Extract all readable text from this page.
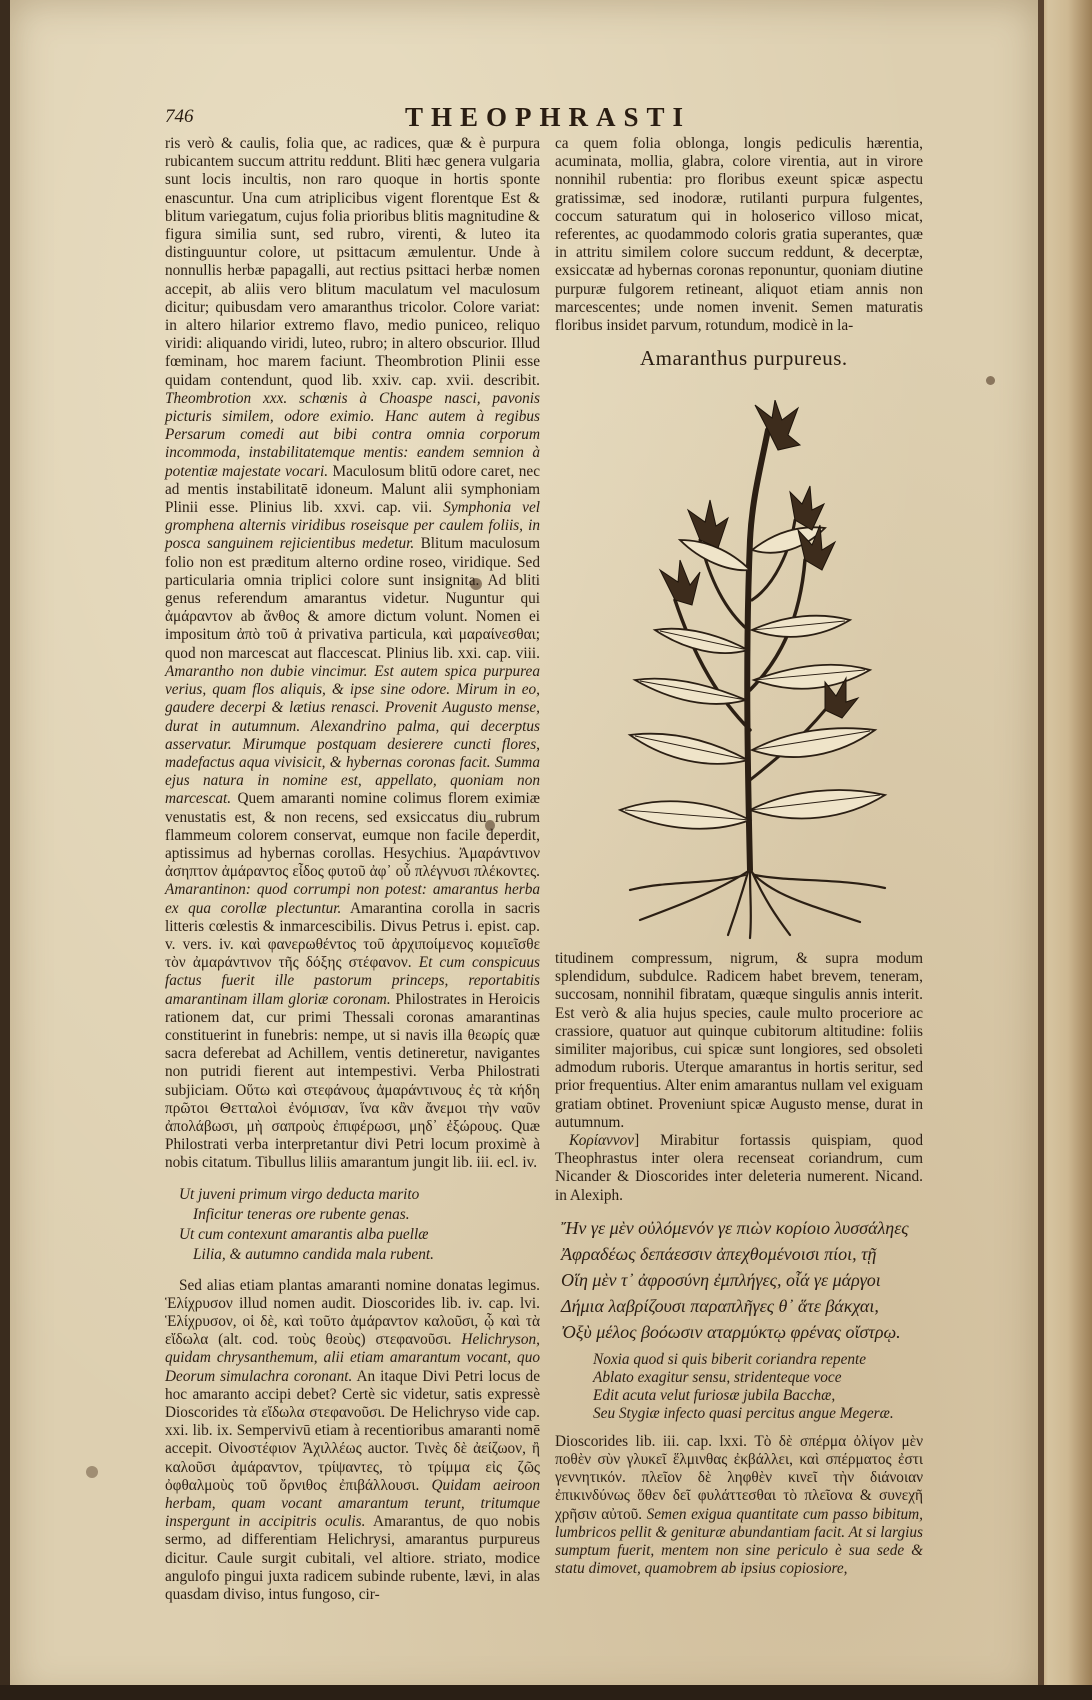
746	THEOPHRASTI

ris verò & caulis, folia que, ac radices, quæ & è purpura rubicantem succum attritu reddunt. Bliti hæc genera vulgaria sunt locis incultis, non raro quoque in hortis sponte enascuntur. Una cum atriplicibus vigent florentque Est & blitum variegatum, cujus folia prioribus blitis magnitudine & figura similia sunt, sed rubro, virenti, & luteo ita distinguuntur colore, ut psittacum æmulentur. Unde à nonnullis herbæ papagalli, aut rectius psittaci herbæ nomen accepit, ab aliis vero blitum maculatum vel maculosum dicitur; quibusdam vero amaranthus tricolor. Colore variat: in altero hilarior extremo flavo, medio puniceo, reliquo viridi: aliquando viridi, luteo, rubro; in altero obscurior. Illud fœminam, hoc marem faciunt. Theombrotion Plinii esse quidam contendunt, quod lib. xxiv. cap. xvii. describit. Theombrotion xxx. schœnis à Choaspe nasci, pavonis picturis similem, odore eximio. Hanc autem à regibus Persarum comedi aut bibi contra omnia corporum incommoda, instabilitatemque mentis: eandem semnion à potentiæ majestate vocari. Maculosum blitū odore caret, nec ad mentis instabilitatē idoneum. Malunt alii symphoniam Plinii esse. Plinius lib. xxvi. cap. vii. Symphonia vel gromphena alternis viridibus roseisque per caulem foliis, in posca sanguinem rejicientibus medetur. Blitum maculosum folio non est præditum alterno ordine roseo, viridique. Sed particularia omnia triplici colore sunt insignita. Ad bliti genus referendum amarantus videtur. Nuguntur qui ἀμάραντον ab ἄνθος & amore dictum volunt. Nomen ei impositum ἀπὸ τοῦ ἀ privativa particula, καὶ μαραίνεσθαι; quod non marcescat aut flaccescat. Plinius lib. xxi. cap. viii. Amarantho non dubie vincimur. Est autem spica purpurea verius, quam flos aliquis, & ipse sine odore. Mirum in eo, gaudere decerpi & lætius renasci. Provenit Augusto mense, durat in autumnum. Alexandrino palma, qui decerptus asservatur. Mirumque postquam desierere cuncti flores, madefactus aqua vivisicit, & hybernas coronas facit. Summa ejus natura in nomine est, appellato, quoniam non marcescat. Quem amaranti nomine colimus florem eximiæ venustatis est, & non recens, sed exsiccatus diu rubrum flammeum colorem conservat, eumque non facile deperdit, aptissimus ad hybernas corollas. Hesychius. Ἀμαράντινον ἀσηπτον ἀμάραντος εἶδος φυτοῦ ἀφ᾽ οὗ πλέγνυσι πλέκοντες. Amarantinon: quod corrumpi non potest: amarantus herba ex qua corollæ plectuntur. Amarantina corolla in sacris litteris cœlestis & inmarcescibilis. Divus Petrus i. epist. cap. v. vers. iv. καὶ φανερωθέντος τοῦ ἀρχιποίμενος κομιεῖσθε τὸν ἀμαράντινον τῆς δόξης στέφανον. Et cum conspicuus factus fuerit ille pastorum princeps, reportabitis amarantinam illam gloriæ coronam. Philostrates in Heroicis rationem dat, cur primi Thessali coronas amarantinas constituerint in funebris: nempe, ut si navis illa θεωρίς quæ sacra deferebat ad Achillem, ventis detineretur, navigantes non putridi fierent aut intempestivi. Verba Philostrati subjiciam. Οὕτω καὶ στεφάνους ἀμαράντινους ἐς τὰ κήδη πρῶτοι Θετταλοὶ ἐνόμισαν, ἵνα κἂν ἄνεμοι τὴν ναῦν ἀπολάβωσι, μὴ σαπροὺς ἐπιφέρωσι, μηδ᾽ ἐξώρους. Quæ Philostrati verba interpretantur divi Petri locum proximè à nobis citatum. Tibullus liliis amarantum jungit lib. iii. ecl. iv.

Ut juveni primum virgo deducta marito
Inficitur teneras ore rubente genas.
Ut cum contexunt amarantis alba puellæ
Lilia, & autumno candida mala rubent.

Sed alias etiam plantas amaranti nomine donatas legimus. Ἑλίχρυσον illud nomen audit. Dioscorides lib. iv. cap. lvi. Ἑλίχρυσον, οἱ δὲ, καὶ τοῦτο ἀμάραντον καλοῦσι, ᾧ καὶ τὰ εἴδωλα (alt. cod. τοὺς θεοὺς) στεφανοῦσι. Helichryson, quidam chrysanthemum, alii etiam amarantum vocant, quo Deorum simulachra coronant. An itaque Divi Petri locus de hoc amaranto accipi debet? Certè sic videtur, satis expressè Dioscorides τὰ εἴδωλα στεφανοῦσι. De Helichryso vide cap. xxi. lib. ix. Sempervivū etiam à recentioribus amaranti nomē accepit. Οἰνοστέφιον Ἀχιλλέως auctor. Τινὲς δὲ ἀείζωον, ἢ καλοῦσι ἀμάραντον, τρίψαντες, τὸ τρίμμα εἰς ζῶς ὀφθαλμοὺς τοῦ ὄρνιθος ἐπιβάλλουσι. Quidam aeiroon herbam, quam vocant amarantum terunt, tritumque inspergunt in accipitris oculis. Amarantus, de quo nobis sermo, ad differentiam Helichrysi, amarantus purpureus dicitur. Caule surgit cubitali, vel altiore. striato, modice angulofo pingui juxta radicem subinde rubente, lævi, in alas quasdam diviso, intus fungoso, cir-

ca quem folia oblonga, longis pediculis hærentia, acuminata, mollia, glabra, colore virentia, aut in virore nonnihil rubentia: pro floribus exeunt spicæ aspectu gratissimæ, sed inodoræ, rutilanti purpura fulgentes, coccum saturatum qui in holoserico villoso micat, referentes, ac quodammodo coloris gratia superantes, quæ in attritu similem colore succum reddunt, & decerptæ, exsiccatæ ad hybernas coronas reponuntur, quoniam diutine purpuræ fulgorem retineant, aliquot etiam annis non marcescentes; unde nomen invenit. Semen maturatis floribus insidet parvum, rotundum, modicè in la-

Amaranthus purpureus.

titudinem compressum, nigrum, & supra modum splendidum, subdulce. Radicem habet brevem, teneram, succosam, nonnihil fibratam, quæque singulis annis interit. Est verò & alia hujus species, caule multo proceriore ac crassiore, quatuor aut quinque cubitorum altitudine: foliis similiter majoribus, cui spicæ sunt longiores, sed obsoleti admodum ruboris. Uterque amarantus in hortis seritur, sed prior frequentius. Alter enim amarantus nullam vel exiguam gratiam obtinet. Proveniunt spicæ Augusto mense, durat in autumnum.

Κορίαννον] Mirabitur fortassis quispiam, quod Theophrastus inter olera recenseat coriandrum, cum Nicander & Dioscorides inter deleteria numerent. Nicand. in Alexiph.

Ἤν γε μὲν οὐλόμενόν γε πιὼν κορίοιο λυσσάληες
Ἀφραδέως δεπάεσσιν ἀπεχθομένοισι πίοι, τῇ
Οἵη μὲν τ᾽ ἀφροσύνη ἐμπλήγες, οἷά γε μάργοι
Δήμια λαβρίζουσι παραπλῆγες θ᾽ ἅτε βάκχαι,
Ὀξὺ μέλος βοόωσιν αταρμύκτῳ φρένας οἴστρῳ.

Noxia quod si quis biberit coriandra repente
Ablato exagitur sensu, stridenteque voce
Edit acuta velut furiosæ jubila Bacchæ,
Seu Stygiæ infecto quasi percitus angue Megeræ.

Dioscorides lib. iii. cap. lxxi. Τὸ δὲ σπέρμα ὀλίγον μὲν ποθὲν σὺν γλυκεῖ ἕλμινθας ἐκβάλλει, καὶ σπέρματος ἐστι γεννητικόν. πλεῖον δὲ ληφθὲν κινεῖ τὴν διάνοιαν ἐπικινδύνως ὅθεν δεῖ φυλάττεσθαι τὸ πλεῖονα & συνεχῆ χρῆσιν αὐτοῦ. Semen exigua quantitate cum passo bibitum, lumbricos pellit & genituræ abundantiam facit. At si largius sumptum fuerit, mentem non sine periculo è sua sede & statu dimovet, quamobrem ab ipsius copiosiore,
